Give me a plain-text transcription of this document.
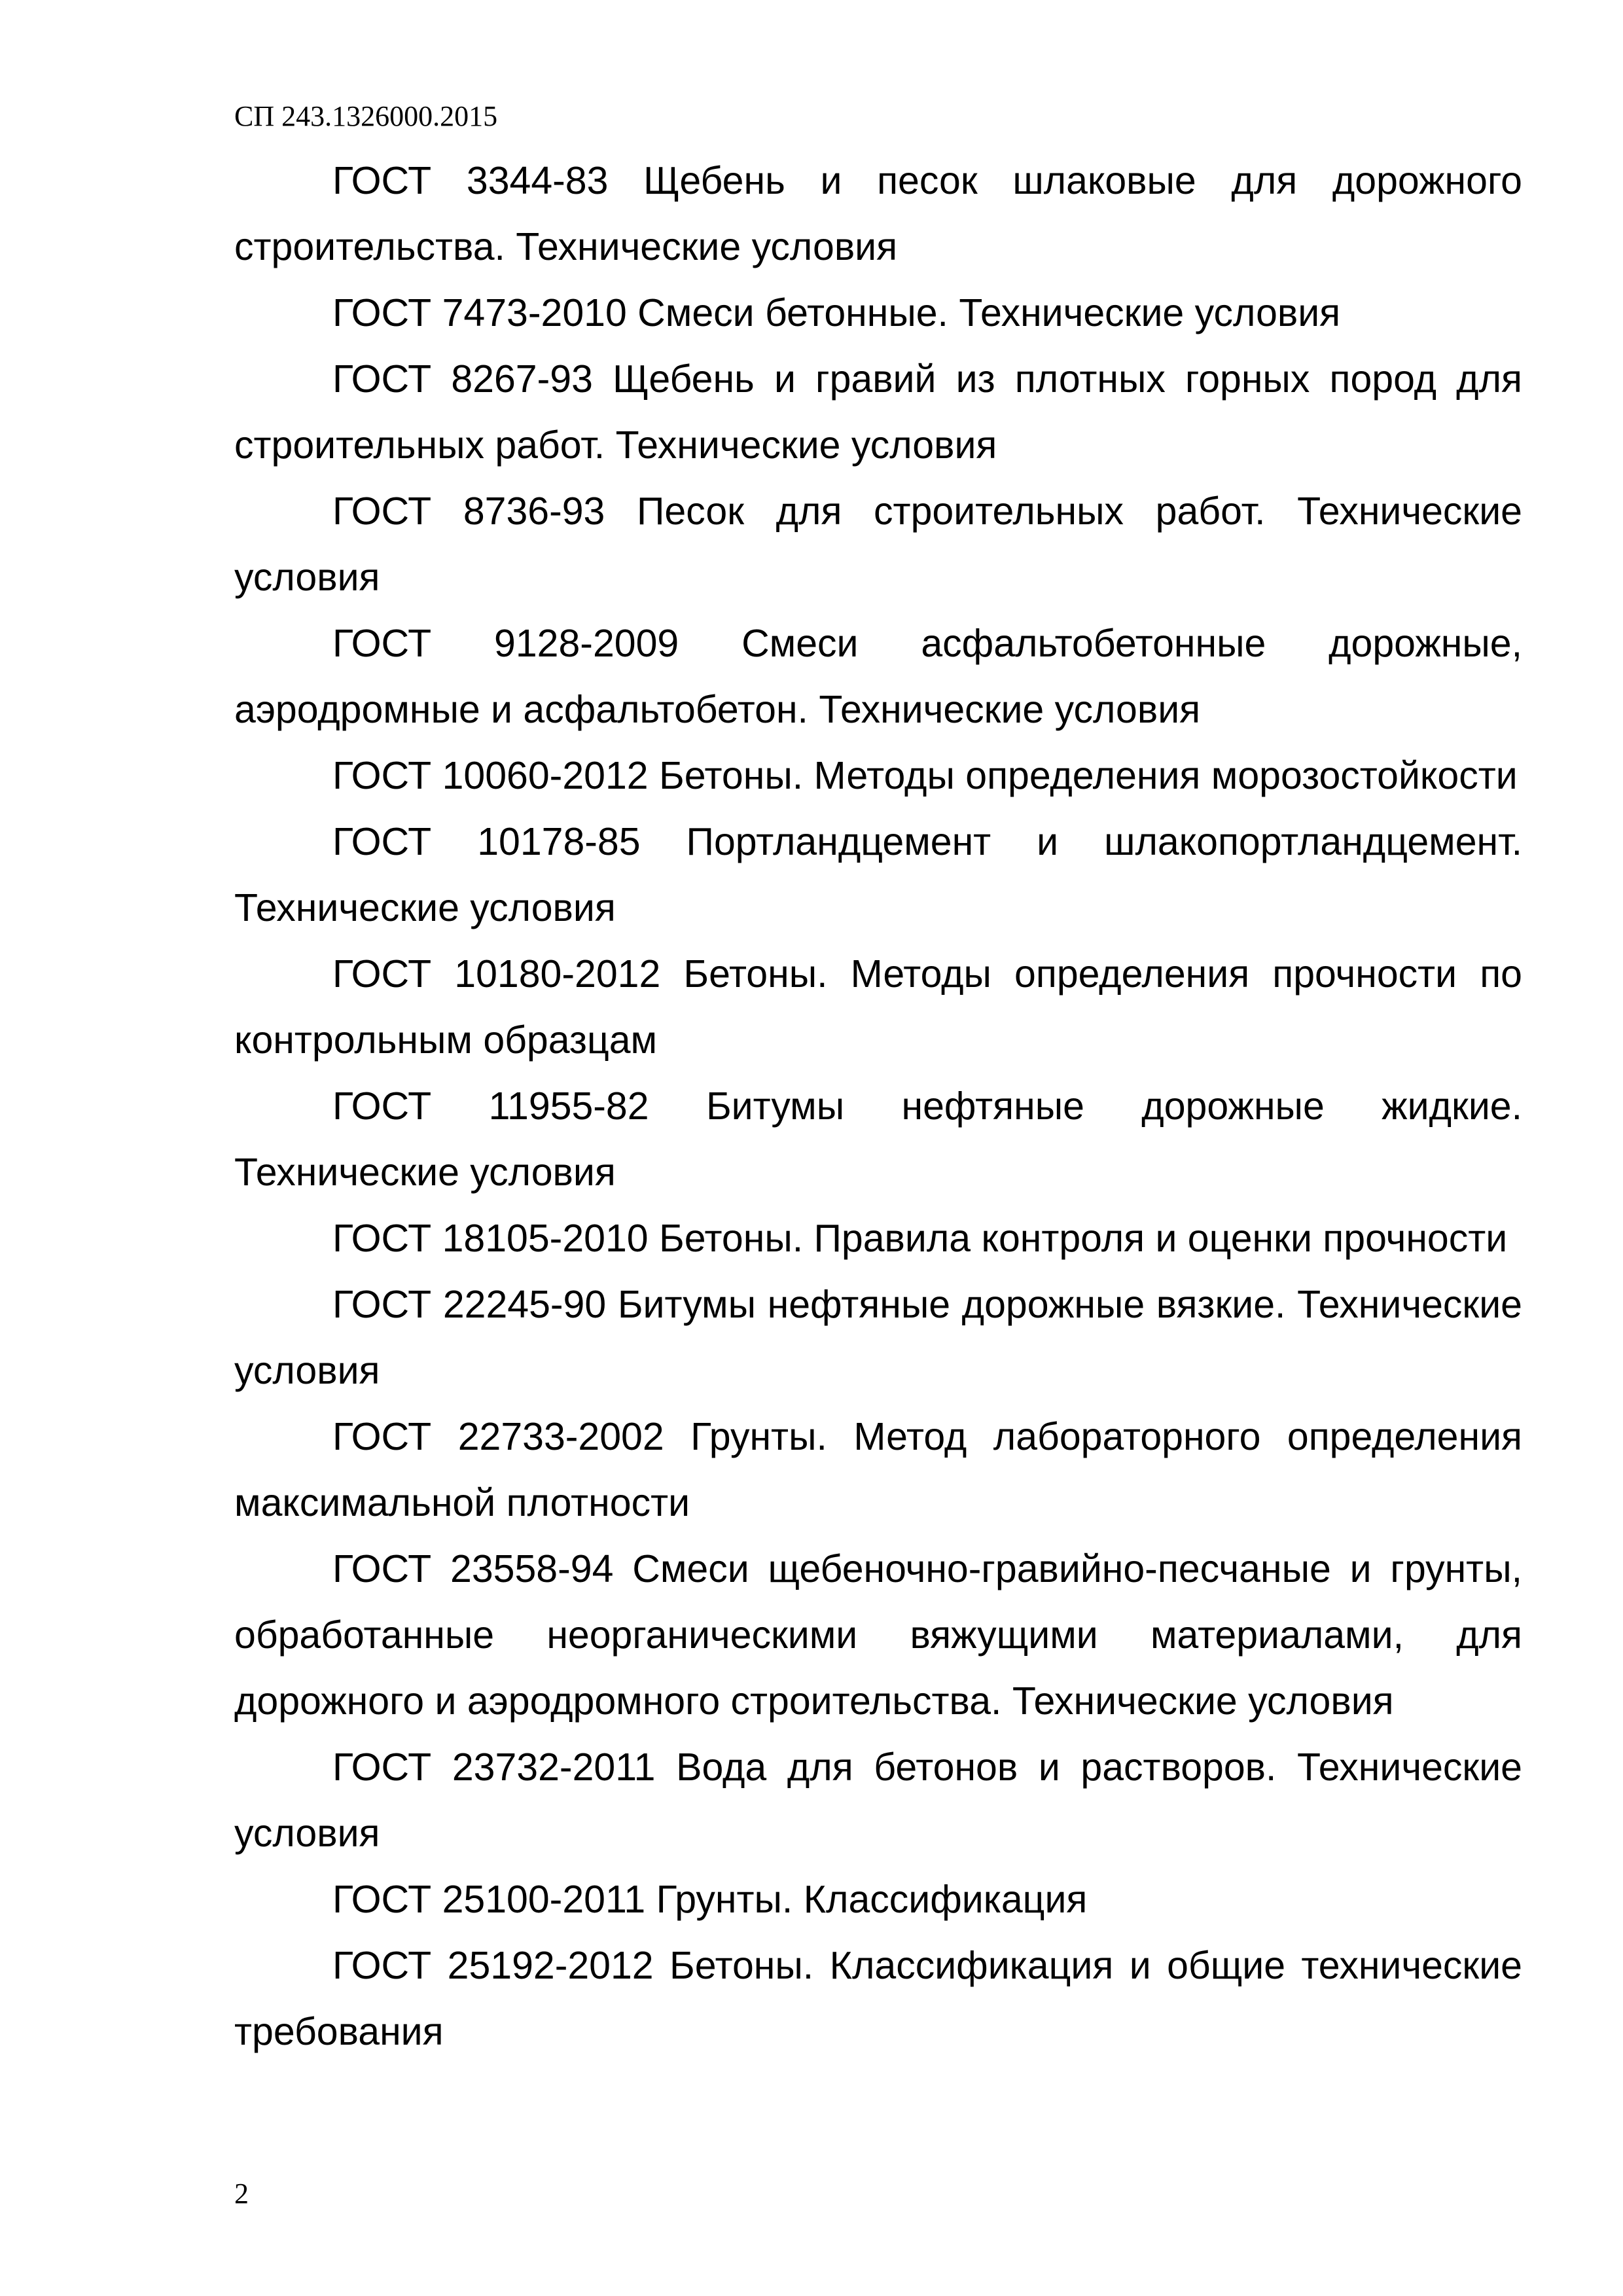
СП 243.1326000.2015

ГОСТ 3344-83 Щебень и песок шлаковые для дорожного строительства. Технические условия

ГОСТ 7473-2010 Смеси бетонные. Технические условия

ГОСТ 8267-93 Щебень и гравий из плотных горных пород для строительных работ. Технические условия

ГОСТ 8736-93 Песок для строительных работ. Технические условия

ГОСТ 9128-2009 Смеси асфальтобетонные дорожные, аэродромные и асфальтобетон. Технические условия

ГОСТ 10060-2012 Бетоны. Методы определения морозостойкости

ГОСТ 10178-85 Портландцемент и шлакопортландцемент. Технические условия

ГОСТ 10180-2012 Бетоны. Методы определения прочности по контрольным образцам

ГОСТ 11955-82 Битумы нефтяные дорожные жидкие. Технические условия

ГОСТ 18105-2010 Бетоны. Правила контроля и оценки прочности

ГОСТ 22245-90 Битумы нефтяные дорожные вязкие. Технические условия

ГОСТ 22733-2002 Грунты. Метод лабораторного определения максимальной плотности

ГОСТ 23558-94 Смеси щебеночно-гравийно-песчаные и грунты, обработанные неорганическими вяжущими материалами, для дорожного и аэродромного строительства. Технические условия

ГОСТ 23732-2011 Вода для бетонов и растворов. Технические условия

ГОСТ 25100-2011 Грунты. Классификация

ГОСТ 25192-2012 Бетоны. Классификация и общие технические требования

2
